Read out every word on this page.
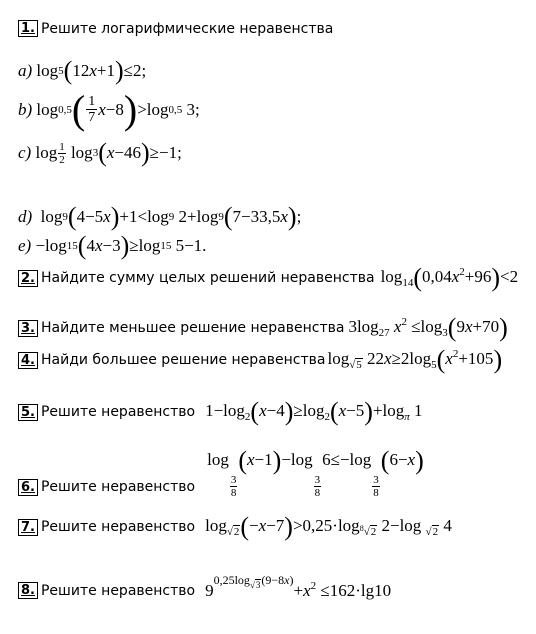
1. Решите логарифмические неравенства
a) log 5 ( 12 x +1 ) ≤2;
b) log 0,5 ( $\frac{1}{7}$ x −8 ) >log 0,5 3;
c) log 1
2 log 3 ( x −46 ) ≥−1;
d) log 9 ( 4−5 x ) +1<log 9 2+log 9 ( 7−33,5 x ) ;
e) −log 15 ( 4 x −3 ) ≥log 15 5−1.
2. Найдите сумму целых решений неравенства $\log_{14}(0,04x^2+96)<2$
3. Найдите меньшее решение неравенства $3\log_{27}$ $x^2 \le\log_3(9x+70)$
4. Найди большее решение неравенства $\log_{√5} 22x\ge 2\log_5(x^2+105)$
5. Решите неравенство $1-\log_2(x-4)\ge\log_2(x-5)+\log_\pi$ 1
6. Решите неравенство
log
$\frac{3}{8}$
(x−1)−log
$\frac{3}{8}$
6≤−log
$\frac{3}{8}$
(6−x)
7. Решите неравенство $\log_{√2}(-x-7)>0,25\cdot\log_{^8√2}$ 2−log $_{√2}$ 4
8. Решите неравенство $9^{0,25log_{√3}(9-8x)}+x^2 \le 162\cdot\lg 10$
